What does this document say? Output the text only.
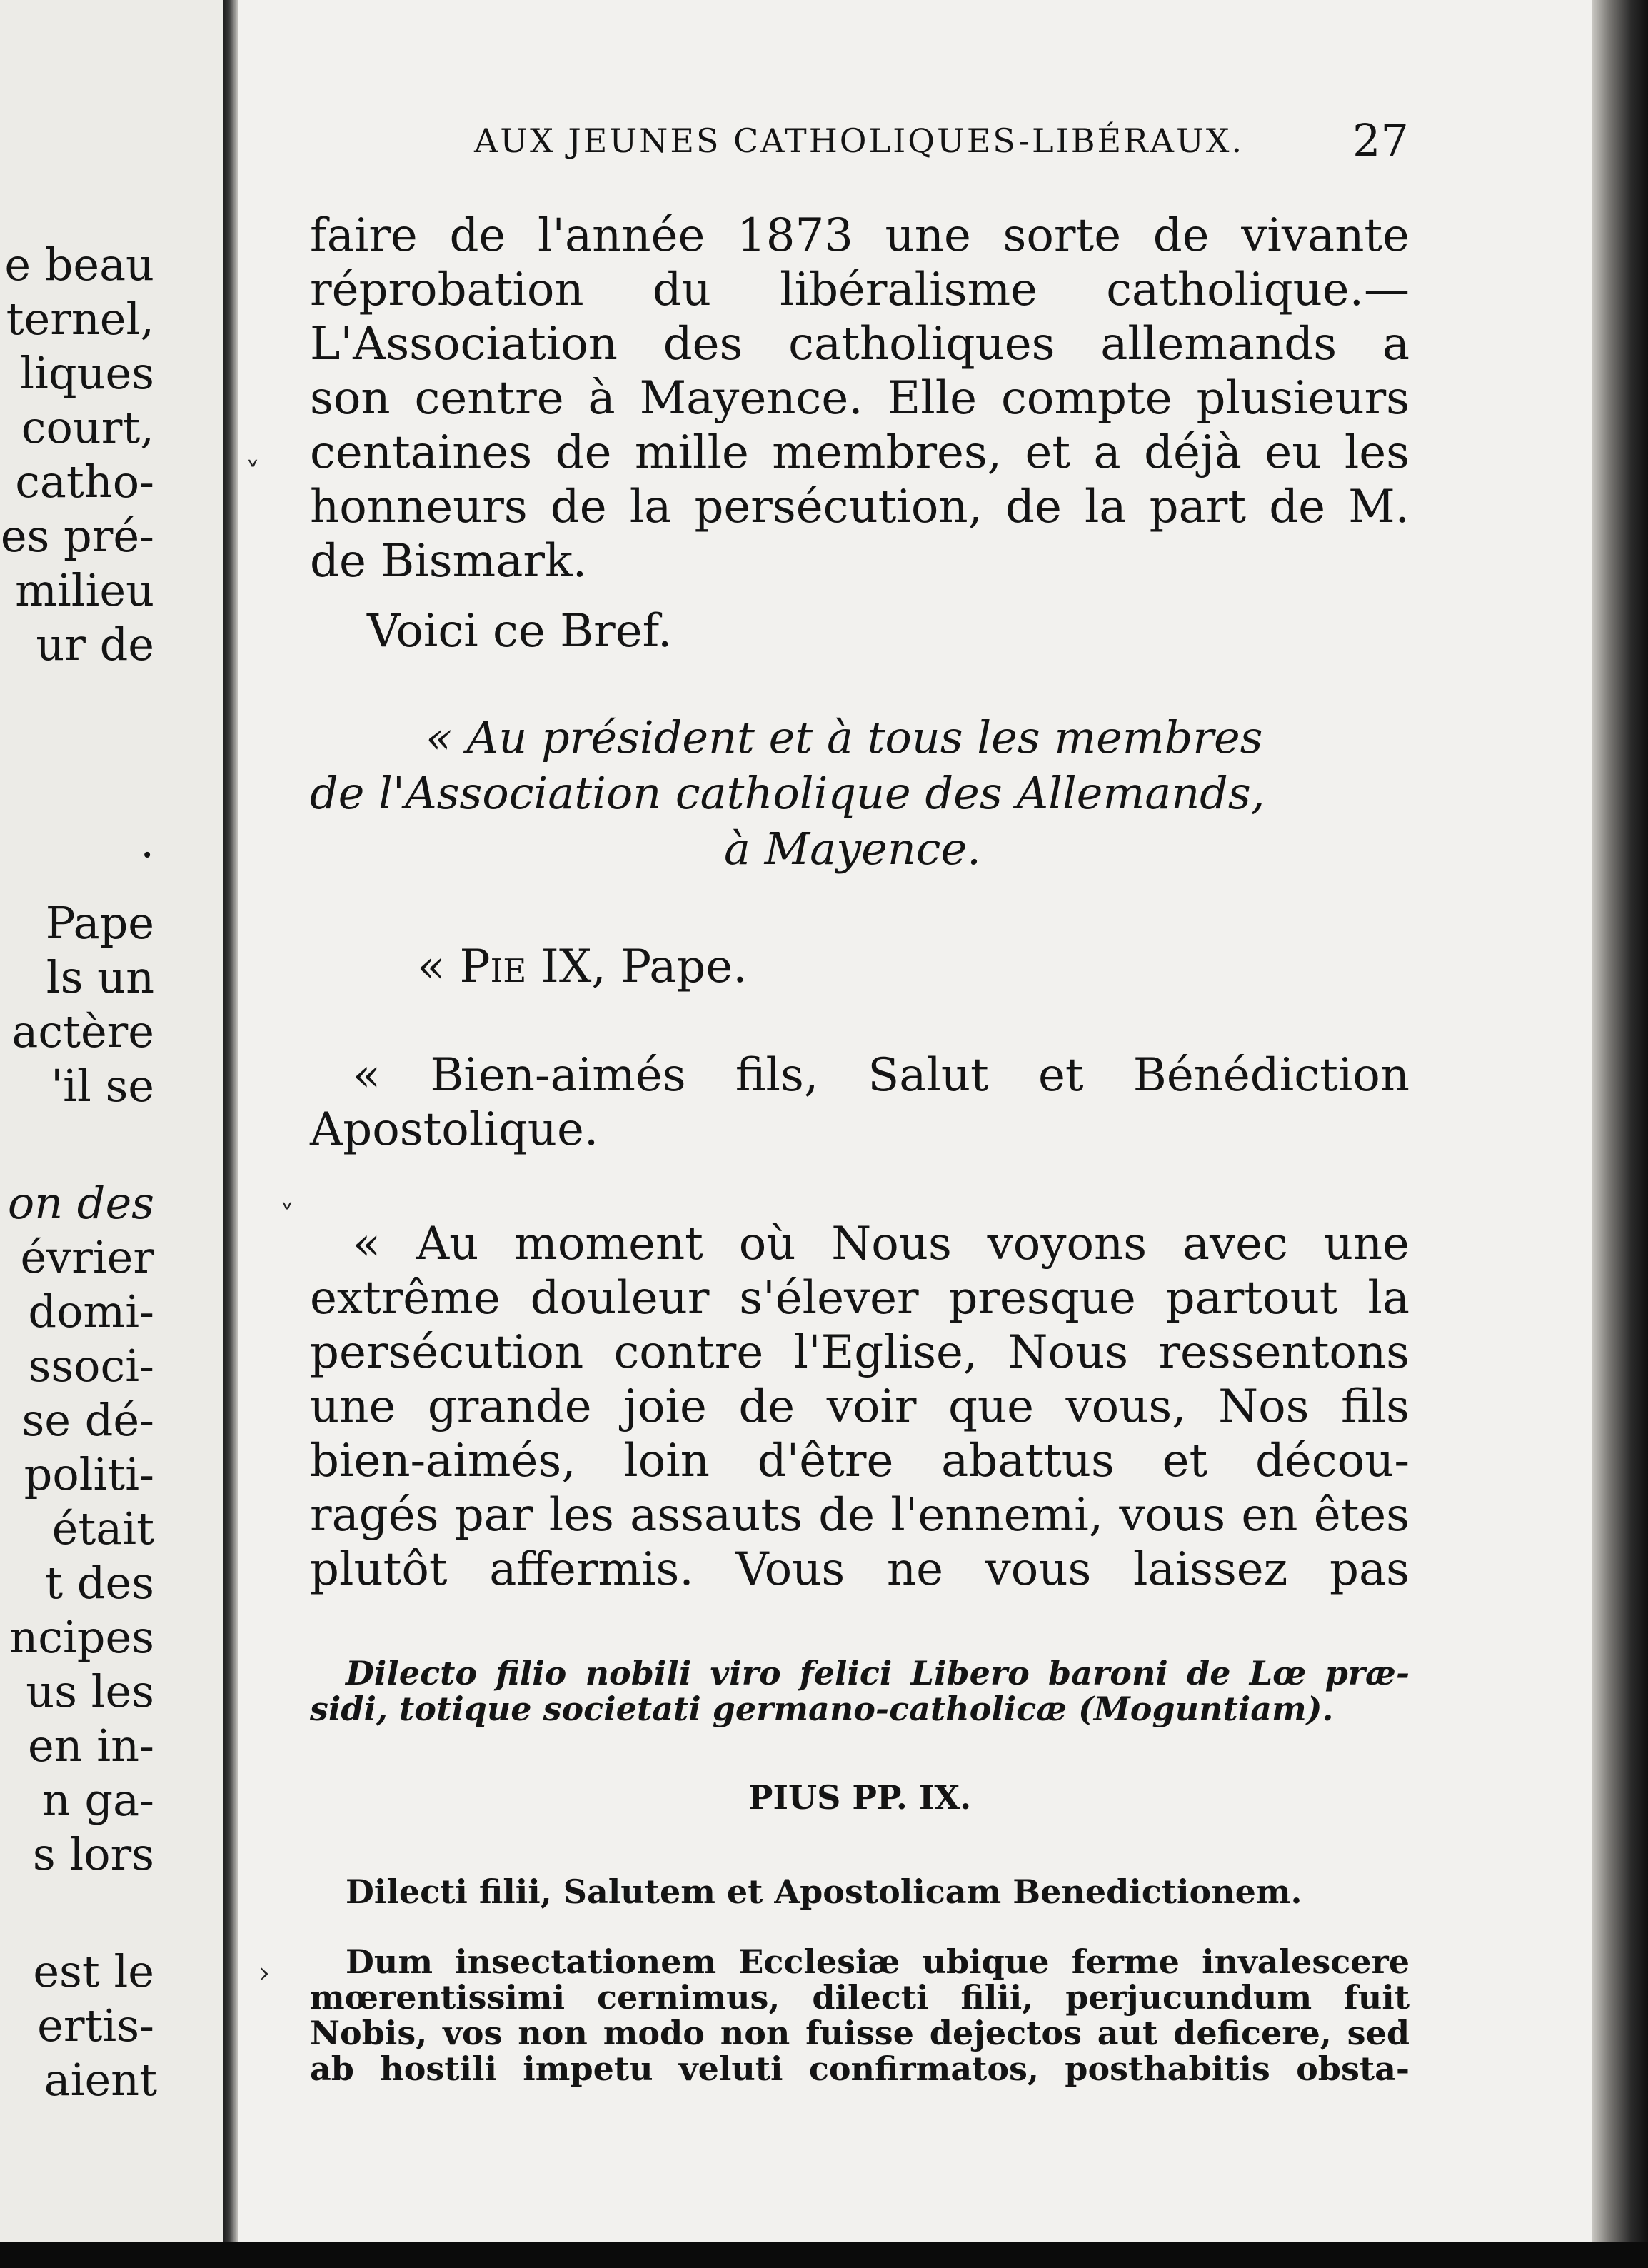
e beau
ternel,
liques
court,
catho-
es pré-
milieu
ur de
.
Pape
ls un
actère
'il se
on des
évrier
domi-
ssoci-
se dé-
politi-
était
t des
ncipes
us les
en in-
n ga-
s lors
est le
ertis-
aient
AUX JEUNES CATHOLIQUES-LIBÉRAUX. 27
faire de l'année 1873 une sorte de vivante
réprobation du libéralisme catholique.—
L'Association des catholiques allemands a
son centre à Mayence. Elle compte plusieurs
centaines de mille membres, et a déjà eu les
honneurs de la persécution, de la part de M.
de Bismark.
Voici ce Bref.
« Au président et à tous les membres
de l'Association catholique des Allemands,
à Mayence.
« Pie IX, Pape.
« Bien-aimés fils, Salut et Bénédiction
Apostolique.
« Au moment où Nous voyons avec une
extrême douleur s'élever presque partout la
persécution contre l'Eglise, Nous ressentons
une grande joie de voir que vous, Nos fils
bien-aimés, loin d'être abattus et décou-
ragés par les assauts de l'ennemi, vous en êtes
plutôt affermis. Vous ne vous laissez pas
Dilecto filio nobili viro felici Libero baroni de Lœ præ-
sidi, totique societati germano-catholicæ (Moguntiam).
PIUS PP. IX.
Dilecti filii, Salutem et Apostolicam Benedictionem.
Dum insectationem Ecclesiæ ubique ferme invalescere
mœrentissimi cernimus, dilecti filii, perjucundum fuit
Nobis, vos non modo non fuisse dejectos aut deficere, sed
ab hostili impetu veluti confirmatos, posthabitis obsta-
˅
˅
›
